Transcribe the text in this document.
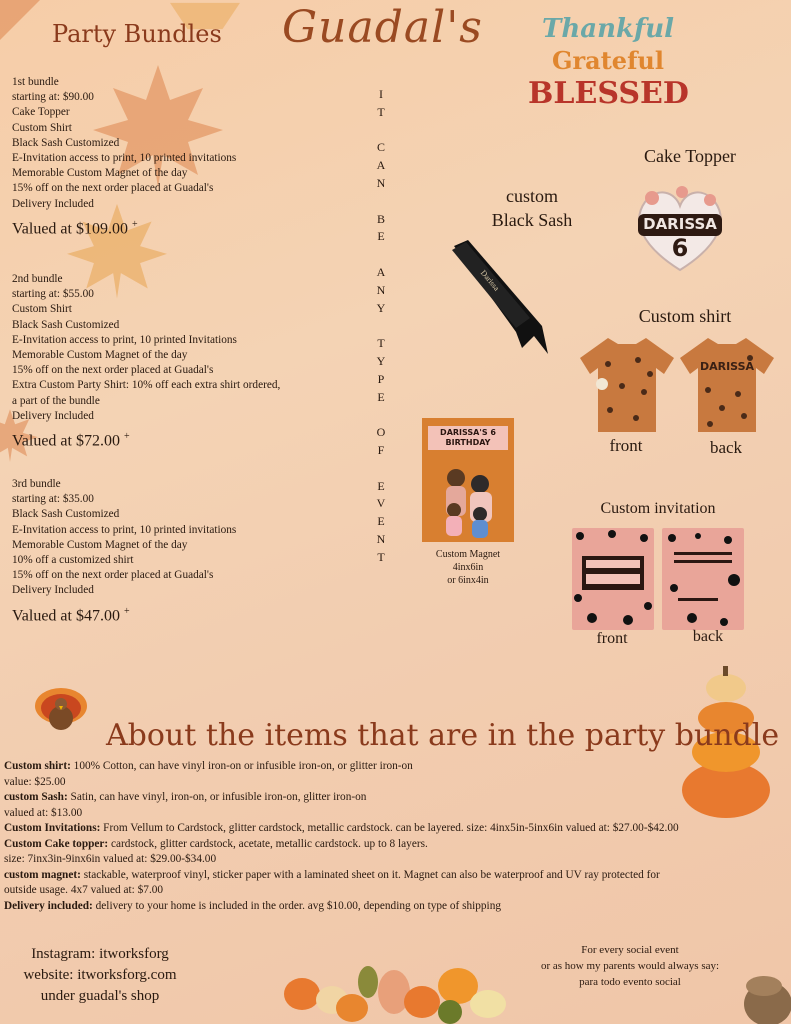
Party Bundles Guadal's
1st bundle
starting at: $90.00
Cake Topper
Custom Shirt
Black Sash Customized
E-Invitation access to print, 10 printed invitations
Memorable Custom Magnet of the day
15% off on the next order placed at Guadal's
Delivery Included
Valued at $109.00 +
2nd bundle
starting at: $55.00
Custom Shirt
Black Sash Customized
E-Invitation access to print, 10 printed Invitations
Memorable Custom Magnet of the day
15% off on the next order placed at Guadal's
Extra Custom Party Shirt: 10% off each extra shirt ordered,
a part of the bundle
Delivery Included
Valued at $72.00 +
3rd bundle
starting at: $35.00
Black Sash Customized
E-Invitation access to print, 10 printed invitations
Memorable Custom Magnet of the day
10% off a customized shirt
15% off on the next order placed at Guadal's
Delivery Included
Valued at $47.00 +
I
T
C
A
N
B
E
A
N
Y
T
Y
P
E
O
F
E
V
E
N
T
Thankful
Grateful
BLESSED
Cake Topper
DARISSA
6
custom
Black Sash
Darissa
Custom shirt
DARISSA
front	back
DARISSA'S 6 BIRTHDAY
Custom Magnet
4inx6in
or 6inx4in
Custom invitation
front	back
About the items that are in the party bundle
Custom shirt: 100% Cotton, can have vinyl iron-on or infusible iron-on, or glitter iron-on
value: $25.00
custom Sash: Satin, can have vinyl, iron-on, or infusible iron-on, glitter iron-on
valued at: $13.00
Custom Invitations: From Vellum to Cardstock, glitter cardstock, metallic cardstock. can be layered. size: 4inx5in-5inx6in valued at: $27.00-$42.00
Custom Cake topper: cardstock, glitter cardstock, acetate, metallic cardstock. up to 8 layers.
size: 7inx3in-9inx6in valued at: $29.00-$34.00
custom magnet: stackable, waterproof vinyl, sticker paper with a laminated sheet on it. Magnet can also be waterproof and UV ray protected for
outside usage. 4x7 valued at: $7.00
Delivery included: delivery to your home is included in the order. avg $10.00, depending on type of shipping
Instagram: itworksforg
website: itworksforg.com
under guadal's shop
For every social event
or as how my parents would always say:
para todo evento social
